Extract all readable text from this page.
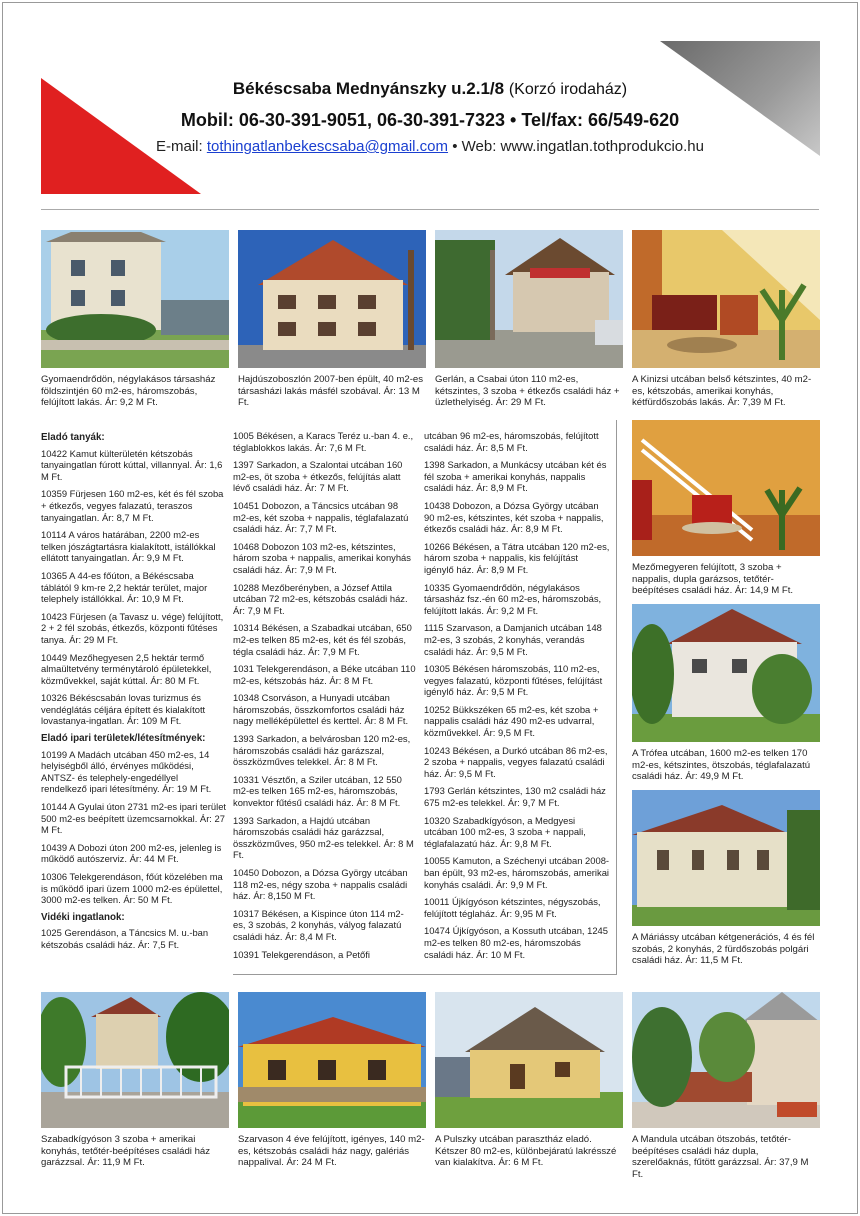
Békéscsaba Mednyánszky u.2.1/8 (Korzó irodaház)
Mobil: 06-30-391-9051, 06-30-391-7323 • Tel/fax: 66/549-620
E-mail: tothingatlanbekescsaba@gmail.com • Web: www.ingatlan.tothprodukcio.hu
Gyomaendrődön, négylakásos társasház földszintjén 60 m2-es, háromszobás, felújított lakás. Ár: 9,2 M Ft.
Hajdúszoboszlón 2007-ben épült, 40 m2-es társasházi lakás másfél szobával. Ár: 13 M Ft.
Gerlán, a Csabai úton 110 m2-es, kétszintes, 3 szoba + étkezős családi ház + üzlethelyiség. Ár: 29 M Ft.
A Kinizsi utcában belső kétszintes, 40 m2-es, kétszobás, amerikai konyhás, kétfürdőszobás lakás. Ár: 7,39 M Ft.
Eladó tanyák:

10422 Kamut külterületén kétszobás tanyaingatlan fúrott kúttal, villannyal. Ár: 1,6 M Ft.

10359 Fürjesen 160 m2-es, két és fél szoba + étkezős, vegyes falazatú, teraszos tanyaingatlan. Ár: 8,7 M Ft.

10114 A város határában, 2200 m2-es telken jószágtartásra kialakított, istállókkal ellátott tanyaingatlan. Ár: 9,9 M Ft.

10365 A 44-es főúton, a Békéscsaba táblától 9 km-re 2,2 hektár terület, major telephely istállókkal. Ár: 10,9 M Ft.

10423 Fürjesen (a Tavasz u. vége) felújított, 2 + 2 fél szobás, étkezős, központi fűtéses tanya. Ár: 29 M Ft.

10449 Mezőhegyesen 2,5 hektár termő almaültetvény terménytároló épületekkel, közművekkel, saját kúttal. Ár: 80 M Ft.

10326 Békéscsabán lovas turizmus és vendéglátás céljára épített és kialakított lovastanya-ingatlan. Ár: 109 M Ft.

Eladó ipari területek/létesítmények:

10199 A Madách utcában 450 m2-es, 14 helyiségből álló, érvényes működési, ANTSZ- és telephely-engedéllyel rendelkező ipari létesítmény. Ár: 19 M Ft.

10144 A Gyulai úton 2731 m2-es ipari terület 500 m2-es beépített üzemcsarnokkal. Ár: 27 M Ft.

10439 A Dobozi úton 200 m2-es, jelenleg is működő autószerviz. Ár: 44 M Ft.

10306 Telekgerendáson, főút közelében ma is működő ipari üzem 1000 m2-es épülettel, 3000 m2-es telken. Ár: 50 M Ft.

Vidéki ingatlanok:

1025 Gerendáson, a Táncsics M. u.-ban kétszobás családi ház. Ár: 7,5 Ft.

1005 Békésen, a Karacs Teréz u.-ban 4. e., téglablokkos lakás. Ár: 7,6 M Ft.

1397 Sarkadon, a Szalontai utcában 160 m2-es, öt szoba + étkezős, felújítás alatt lévő családi ház. Ár: 7 M Ft.

10451 Dobozon, a Táncsics utcában 98 m2-es, két szoba + nappalis, téglafalazatú családi ház. Ár: 7,7 M Ft.

10468 Dobozon 103 m2-es, kétszintes, három szoba + nappalis, amerikai konyhás családi ház. Ár: 7,9 M Ft.

10288 Mezőberényben, a József Attila utcában 72 m2-es, kétszobás családi ház. Ár: 7,9 M Ft.

10314 Békésen, a Szabadkai utcában, 650 m2-es telken 85 m2-es, két és fél szobás, tégla családi ház. Ár: 7,9 M Ft.

1031 Telekgerendáson, a Béke utcában 110 m2-es, kétszobás ház. Ár: 8 M Ft.

10348 Csorváson, a Hunyadi utcában háromszobás, összkomfortos családi ház nagy melléképülettel és kerttel. Ár: 8 M Ft.

1393 Sarkadon, a belvárosban 120 m2-es, háromszobás családi ház garázszal, összközműves telekkel. Ár: 8 M Ft.

10331 Vésztőn, a Sziler utcában, 12 550 m2-es telken 165 m2-es, háromszobás, konvektor fűtésű családi ház. Ár: 8 M Ft.

1393 Sarkadon, a Hajdú utcában háromszobás családi ház garázzsal, összközműves, 950 m2-es telekkel. Ár: 8 M Ft.

10450 Dobozon, a Dózsa György utcában 118 m2-es, négy szoba + nappalis családi ház. Ár: 8,150 M Ft.

10317 Békésen, a Kispince úton 114 m2-es, 3 szobás, 2 konyhás, vályog falazatú családi ház. Ár: 8,4 M Ft.

10391 Telekgerendáson, a Petőfi

utcában 96 m2-es, háromszobás, felújított családi ház. Ár: 8,5 M Ft.

1398 Sarkadon, a Munkácsy utcában két és fél szoba + amerikai konyhás, nappalis családi ház. Ár: 8,9 M Ft.

10438 Dobozon, a Dózsa György utcában 90 m2-es, kétszintes, két szoba + nappalis, étkezős családi ház. Ár: 8,9 M Ft.

10266 Békésen, a Tátra utcában 120 m2-es, három szoba + nappalis, kis felújítást igénylő ház. Ár: 8,9 M Ft.

10335 Gyomaendrődön, négylakásos társasház fsz.-én 60 m2-es, háromszobás, felújított lakás. Ár: 9,2 M Ft.

1115 Szarvason, a Damjanich utcában 148 m2-es, 3 szobás, 2 konyhás, verandás családi ház. Ár: 9,5 M Ft.

10305 Békésen háromszobás, 110 m2-es, vegyes falazatú, központi fűtéses, felújítást igénylő ház. Ár: 9,5 M Ft.

10252 Bükkszéken 65 m2-es, két szoba + nappalis családi ház 490 m2-es udvarral, közművekkel. Ár: 9,5 M Ft.

10243 Békésen, a Durkó utcában 86 m2-es, 2 szoba + nappalis, vegyes falazatú családi ház. Ár: 9,5 M Ft.

1793 Gerlán kétszintes, 130 m2 családi ház 675 m2-es telekkel. Ár: 9,7 M Ft.

10320 Szabadkígyóson, a Medgyesi utcában 100 m2-es, 3 szoba + nappali, téglafalazatú ház. Ár: 9,8 M Ft.

10055 Kamuton, a Széchenyi utcában 2008-ban épült, 93 m2-es, háromszobás, amerikai konyhás családi. Ár: 9,9 M Ft.

10011 Újkígyóson kétszintes, négyszobás, felújított téglaház. Ár: 9,95 M Ft.

10474 Újkígyóson, a Kossuth utcában, 1245 m2-es telken 80 m2-es, háromszobás családi ház. Ár: 10 M Ft.

Mezőmegyeren felújított, 3 szoba + nappalis, dupla garázsos, tetőtér-beépítéses családi ház. Ár: 14,9 M Ft.
A Trófea utcában, 1600 m2-es telken 170 m2-es, kétszintes, ötszobás, téglafalazatú családi ház. Ár: 49,9 M Ft.
A Máriássy utcában kétgenerációs, 4 és fél szobás, 2 konyhás, 2 fürdőszobás polgári családi ház. Ár: 11,5 M Ft.
Szabadkígyóson 3 szoba + amerikai konyhás, tetőtér-beépítéses családi ház garázzsal. Ár: 11,9 M Ft.
Szarvason 4 éve felújított, igényes, 140 m2-es, kétszobás családi ház nagy, galériás nappalival. Ár: 24 M Ft.
A Pulszky utcában parasztház eladó. Kétszer 80 m2-es, különbejáratú lakrésszé van kialakítva. Ár: 6 M Ft.
A Mandula utcában ötszobás, tetőtér-beépítéses családi ház dupla, szerelőaknás, fűtött garázzsal. Ár: 37,9 M Ft.
